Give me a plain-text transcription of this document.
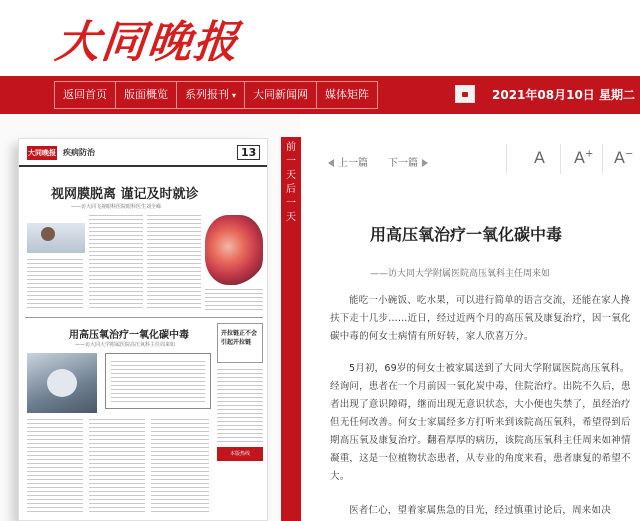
大同晚报
返回首页	版面概览	系列报刊 ▾	大同新闻网	媒体矩阵	2021年08月10日 星期二
大同晚报 疾病防治	13
视网膜脱离 谨记及时就诊
——访大同飞视眼科医院眼科医生刘全嵘
用高压氧治疗一氧化碳中毒
——访大同大学附属医院高压氧科主任周来如
开拉链正不会引起开拉链
本版热线
前
一
天
后
一
天
上一篇 下一篇	A A+ A−
用高压氧治疗一氧化碳中毒
——访大同大学附属医院高压氧科主任周来如

能吃一小碗饭、吃水果，可以进行简单的语言交流，还能在家人搀扶下走十几步……近日，经过近两个月的高压氧及康复治疗，因一氧化碳中毒的何女士病情有所好转，家人欣喜万分。

5月初，69岁的何女士被家属送到了大同大学附属医院高压氧科。经询问，患者在一个月前因一氧化炭中毒，住院治疗。出院不久后，患者出现了意识障碍，继而出现无意识状态，大小便也失禁了，虽经治疗但无任何改善。何女士家属经多方打听来到该院高压氧科，希望得到后期高压氧及康复治疗。翻看厚厚的病历，该院高压氧科主任周来如神情凝重，这是一位植物状态患者，从专业的角度来看，患者康复的希望不大。

医者仁心，望着家属焦急的目光，经过慎重讨论后，周来如决
